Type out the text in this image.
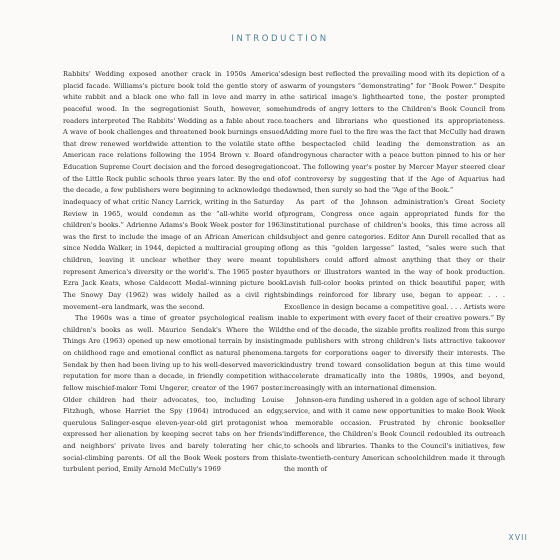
INTRODUCTION

Rabbits' Wedding exposed another crack in 1950s America's placid facade. Williams's picture book told the gentle story of a white rabbit and a black one who fall in love and marry in a peaceful wood. In the segregationist South, however, some readers interpreted The Rabbits' Wedding as a fable about race. A wave of book challenges and threatened book burnings ensued that drew renewed worldwide attention to the volatile state of American race relations following the 1954 Brown v. Board of Education Supreme Court decision and the forced desegregation of the Little Rock public schools three years later. By the end of the decade, a few publishers were beginning to acknowledge the inadequacy of what critic Nancy Larrick, writing in the Saturday Review in 1965, would condemn as the “all-white world of children's books.” Adrienne Adams's Book Week poster for 1963 was the first to include the image of an African American child since Nedda Walker, in 1944, depicted a multiracial grouping of children, leaving it unclear whether they were meant to represent America's diversity or the world's. The 1965 poster by Ezra Jack Keats, whose Caldecott Medal–winning picture book The Snowy Day (1962) was widely hailed as a civil rights movement–era landmark, was the second.

The 1960s was a time of greater psychological realism in children's books as well. Maurice Sendak's Where the Wild Things Are (1963) opened up new emotional terrain by insisting on childhood rage and emotional conflict as natural phenomena. Sendak by then had been living up to his well-deserved maverick reputation for more than a decade, in friendly competition with fellow mischief-maker Tomi Ungerer, creator of the 1967 poster. Older children had their advocates, too, including Louise Fitzhugh, whose Harriet the Spy (1964) introduced an edgy, querulous Salinger-esque eleven-year-old girl protagonist who expressed her alienation by keeping secret tabs on her friends' and neighbors' private lives and barely tolerating her chic, social-climbing parents. Of all the Book Week posters from this turbulent period, Emily Arnold McCully's 1969

design best reflected the prevailing mood with its depiction of a swarm of youngsters “demonstrating” for “Book Power.” Despite the satirical image's lighthearted tone, the poster prompted hundreds of angry letters to the Children's Book Council from teachers and librarians who questioned its appropriateness. Adding more fuel to the fire was the fact that McCully had drawn the bespectacled child leading the demonstration as an androgynous character with a peace button pinned to his or her coat. The following year's poster by Mercer Mayer steered clear of controversy by suggesting that if the Age of Aquarius had dawned, then surely so had the “Age of the Book.”

As part of the Johnson administration's Great Society program, Congress once again appropriated funds for the institutional purchase of children's books, this time across all subject and genre categories. Editor Ann Durell recalled that as long as this “golden largesse” lasted, “sales were such that publishers could afford almost anything that they or their authors or illustrators wanted in the way of book production. Lavish full-color books printed on thick beautiful paper, with bindings reinforced for library use, began to appear. . . . Excellence in design became a competitive goal. . . . Artists were able to experiment with every facet of their creative powers.” By the end of the decade, the sizable profits realized from this surge made publishers with strong children's lists attractive takeover targets for corporations eager to diversify their interests. The industry trend toward consolidation begun at this time would accelerate dramatically into the 1980s, 1990s, and beyond, increasingly with an international dimension.

Johnson-era funding ushered in a golden age of school library service, and with it came new opportunities to make Book Week a memorable occasion. Frustrated by chronic bookseller indifference, the Children's Book Council redoubled its outreach to schools and libraries. Thanks to the Council's initiatives, few late-twentieth-century American schoolchildren made it through the month of

XVII
